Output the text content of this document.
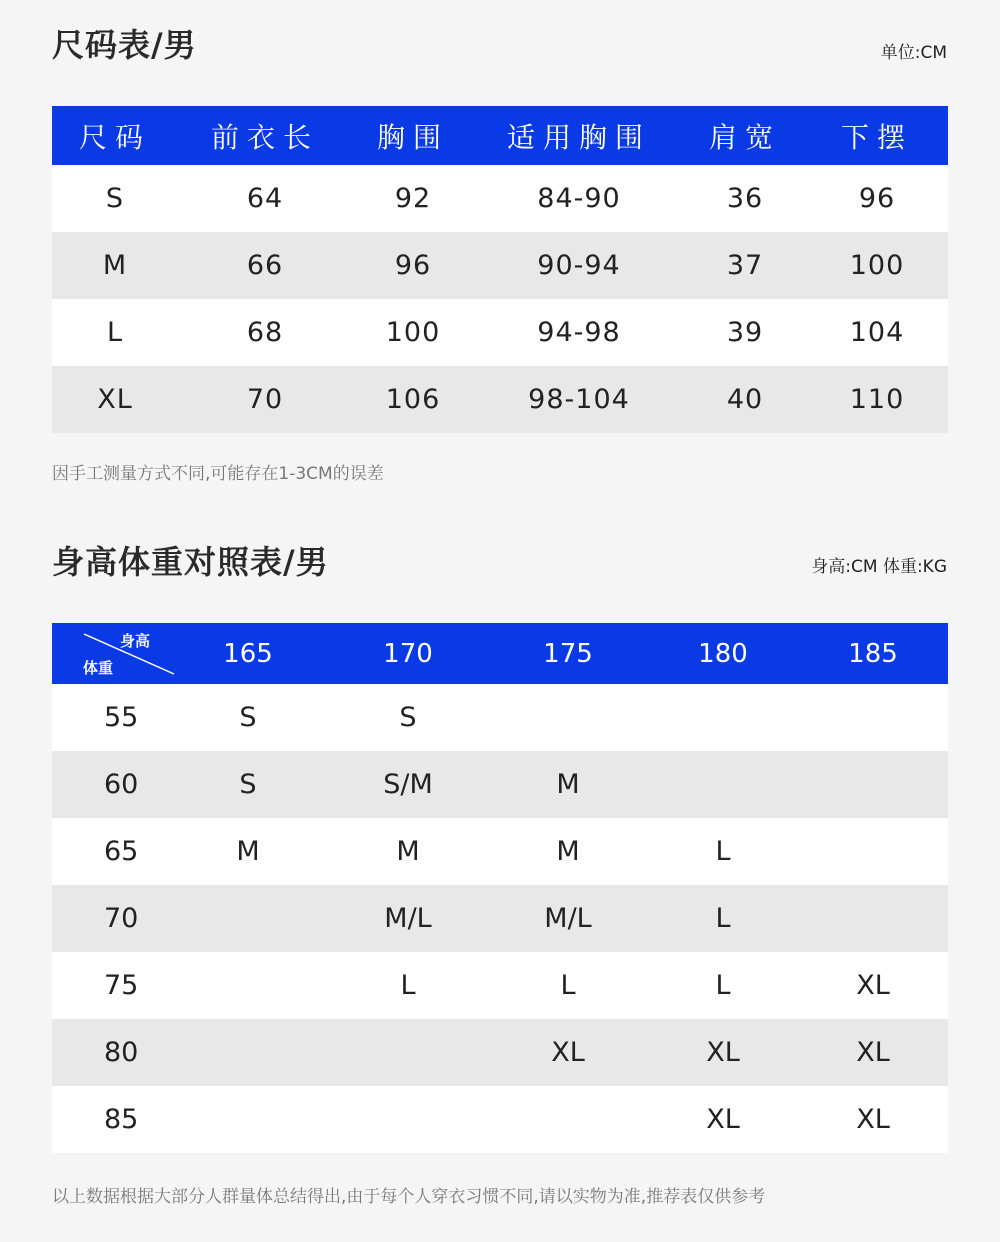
尺码表/男	单位:CM
尺码	前衣长	胸围	适用胸围	肩宽	下摆
S	64	92	84-90	36	96
M	66	96	90-94	37	100
L	68	100	94-98	39	104
XL	70	106	98-104	40	110
因手工测量方式不同,可能存在1-3CM的误差
身高体重对照表/男	身高:CM 体重:KG
身高
体重	165	170	175	180	185
55	S	S			
60	S	S/M	M		
65	M	M	M	L	
70		M/L	M/L	L	
75		L	L	L	XL
80			XL	XL	XL
85				XL	XL
以上数据根据大部分人群量体总结得出,由于每个人穿衣习惯不同,请以实物为准,推荐表仅供参考
